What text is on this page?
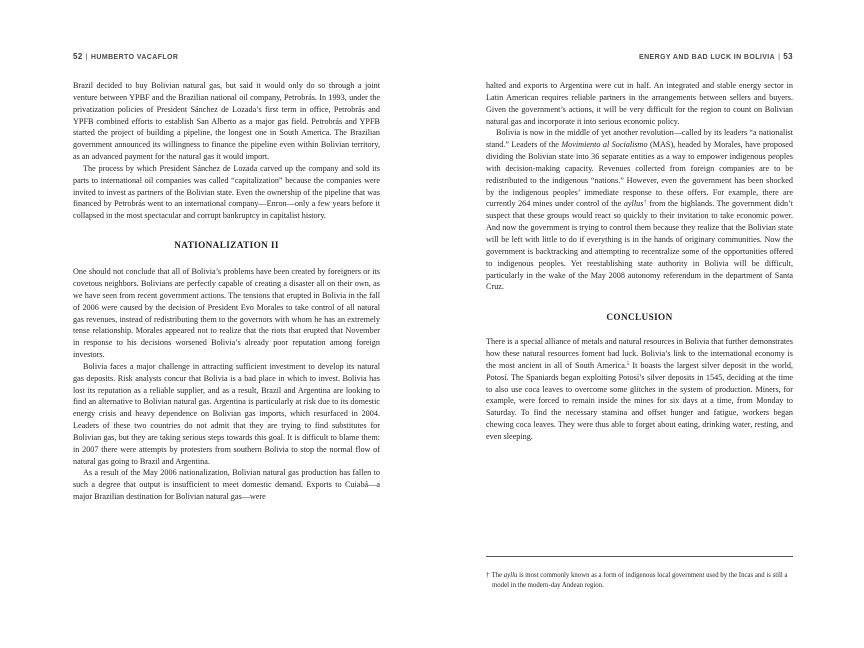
52 | HUMBERTO VACAFLOR

Brazil decided to buy Bolivian natural gas, but said it would only do so through a joint venture between YPBF and the Brazilian national oil company, Petrobrás. In 1993, under the privatization policies of President Sánchez de Lozada’s first term in office, Petrobrás and YPFB combined efforts to establish San Alberto as a major gas field. Petrobrás and YPFB started the project of building a pipeline, the longest one in South America. The Brazilian government announced its willingness to finance the pipeline even within Bolivian territory, as an advanced payment for the natural gas it would import.

The process by which President Sánchez de Lozada carved up the company and sold its parts to international oil companies was called “capitalization” because the companies were invited to invest as partners of the Bolivian state. Even the ownership of the pipeline that was financed by Petrobrás went to an international company—Enron—only a few years before it collapsed in the most spectacular and corrupt bankruptcy in capitalist history.

NATIONALIZATION II

One should not conclude that all of Bolivia’s problems have been created by foreigners or its covetous neighbors. Bolivians are perfectly capable of creating a disaster all on their own, as we have seen from recent government actions. The tensions that erupted in Bolivia in the fall of 2006 were caused by the decision of President Evo Morales to take control of all natural gas revenues, instead of redistributing them to the governors with whom he has an extremely tense relationship. Morales appeared not to realize that the riots that erupted that November in response to his decisions worsened Bolivia’s already poor reputation among foreign investors.

Bolivia faces a major challenge in attracting sufficient investment to develop its natural gas deposits. Risk analysts concur that Bolivia is a bad place in which to invest. Bolivia has lost its reputation as a reliable supplier, and as a result, Brazil and Argentina are looking to find an alternative to Bolivian natural gas. Argentina is particularly at risk due to its domestic energy crisis and heavy dependence on Bolivian gas imports, which resurfaced in 2004. Leaders of these two countries do not admit that they are trying to find substitutes for Bolivian gas, but they are taking serious steps towards this goal. It is difficult to blame them: in 2007 there were attempts by protesters from southern Bolivia to stop the normal flow of natural gas going to Brazil and Argentina.

As a result of the May 2006 nationalization, Bolivian natural gas production has fallen to such a degree that output is insufficient to meet domestic demand. Exports to Cuiabá—a major Brazilian destination for Bolivian natural gas—were

ENERGY AND BAD LUCK IN BOLIVIA | 53

halted and exports to Argentina were cut in half. An integrated and stable energy sector in Latin American requires reliable partners in the arrangements between sellers and buyers. Given the government’s actions, it will be very difficult for the region to count on Bolivian natural gas and incorporate it into serious economic policy.

Bolivia is now in the middle of yet another revolution—called by its leaders “a nationalist stand.” Leaders of the Movimiento al Socialismo (MAS), headed by Morales, have proposed dividing the Bolivian state into 36 separate entities as a way to empower indigenous peoples with decision-making capacity. Revenues collected from foreign companies are to be redistributed to the indigenous “nations.” However, even the government has been shocked by the indigenous peoples’ immediate response to these offers. For example, there are currently 264 mines under control of the ayllus† from the highlands. The government didn’t suspect that these groups would react so quickly to their invitation to take economic power. And now the government is trying to control them because they realize that the Bolivian state will be left with little to do if everything is in the hands of originary communities. Now the government is backtracking and attempting to recentralize some of the opportunities offered to indigenous peoples. Yet reestablishing state authority in Bolivia will be difficult, particularly in the wake of the May 2008 autonomy referendum in the department of Santa Cruz.

CONCLUSION

There is a special alliance of metals and natural resources in Bolivia that further demonstrates how these natural resources foment bad luck. Bolivia’s link to the international economy is the most ancient in all of South America.$^5$ It boasts the largest silver deposit in the world, Potosí. The Spaniards began exploiting Potosí’s silver deposits in 1545, deciding at the time to also use coca leaves to overcome some glitches in the system of production. Miners, for example, were forced to remain inside the mines for six days at a time, from Monday to Saturday. To find the necessary stamina and offset hunger and fatigue, workers began chewing coca leaves. They were thus able to forget about eating, drinking water, resting, and even sleeping.

† The ayllu is most commonly known as a form of indigenous local government used by the Incas and is still a model in the modern-day Andean region.
